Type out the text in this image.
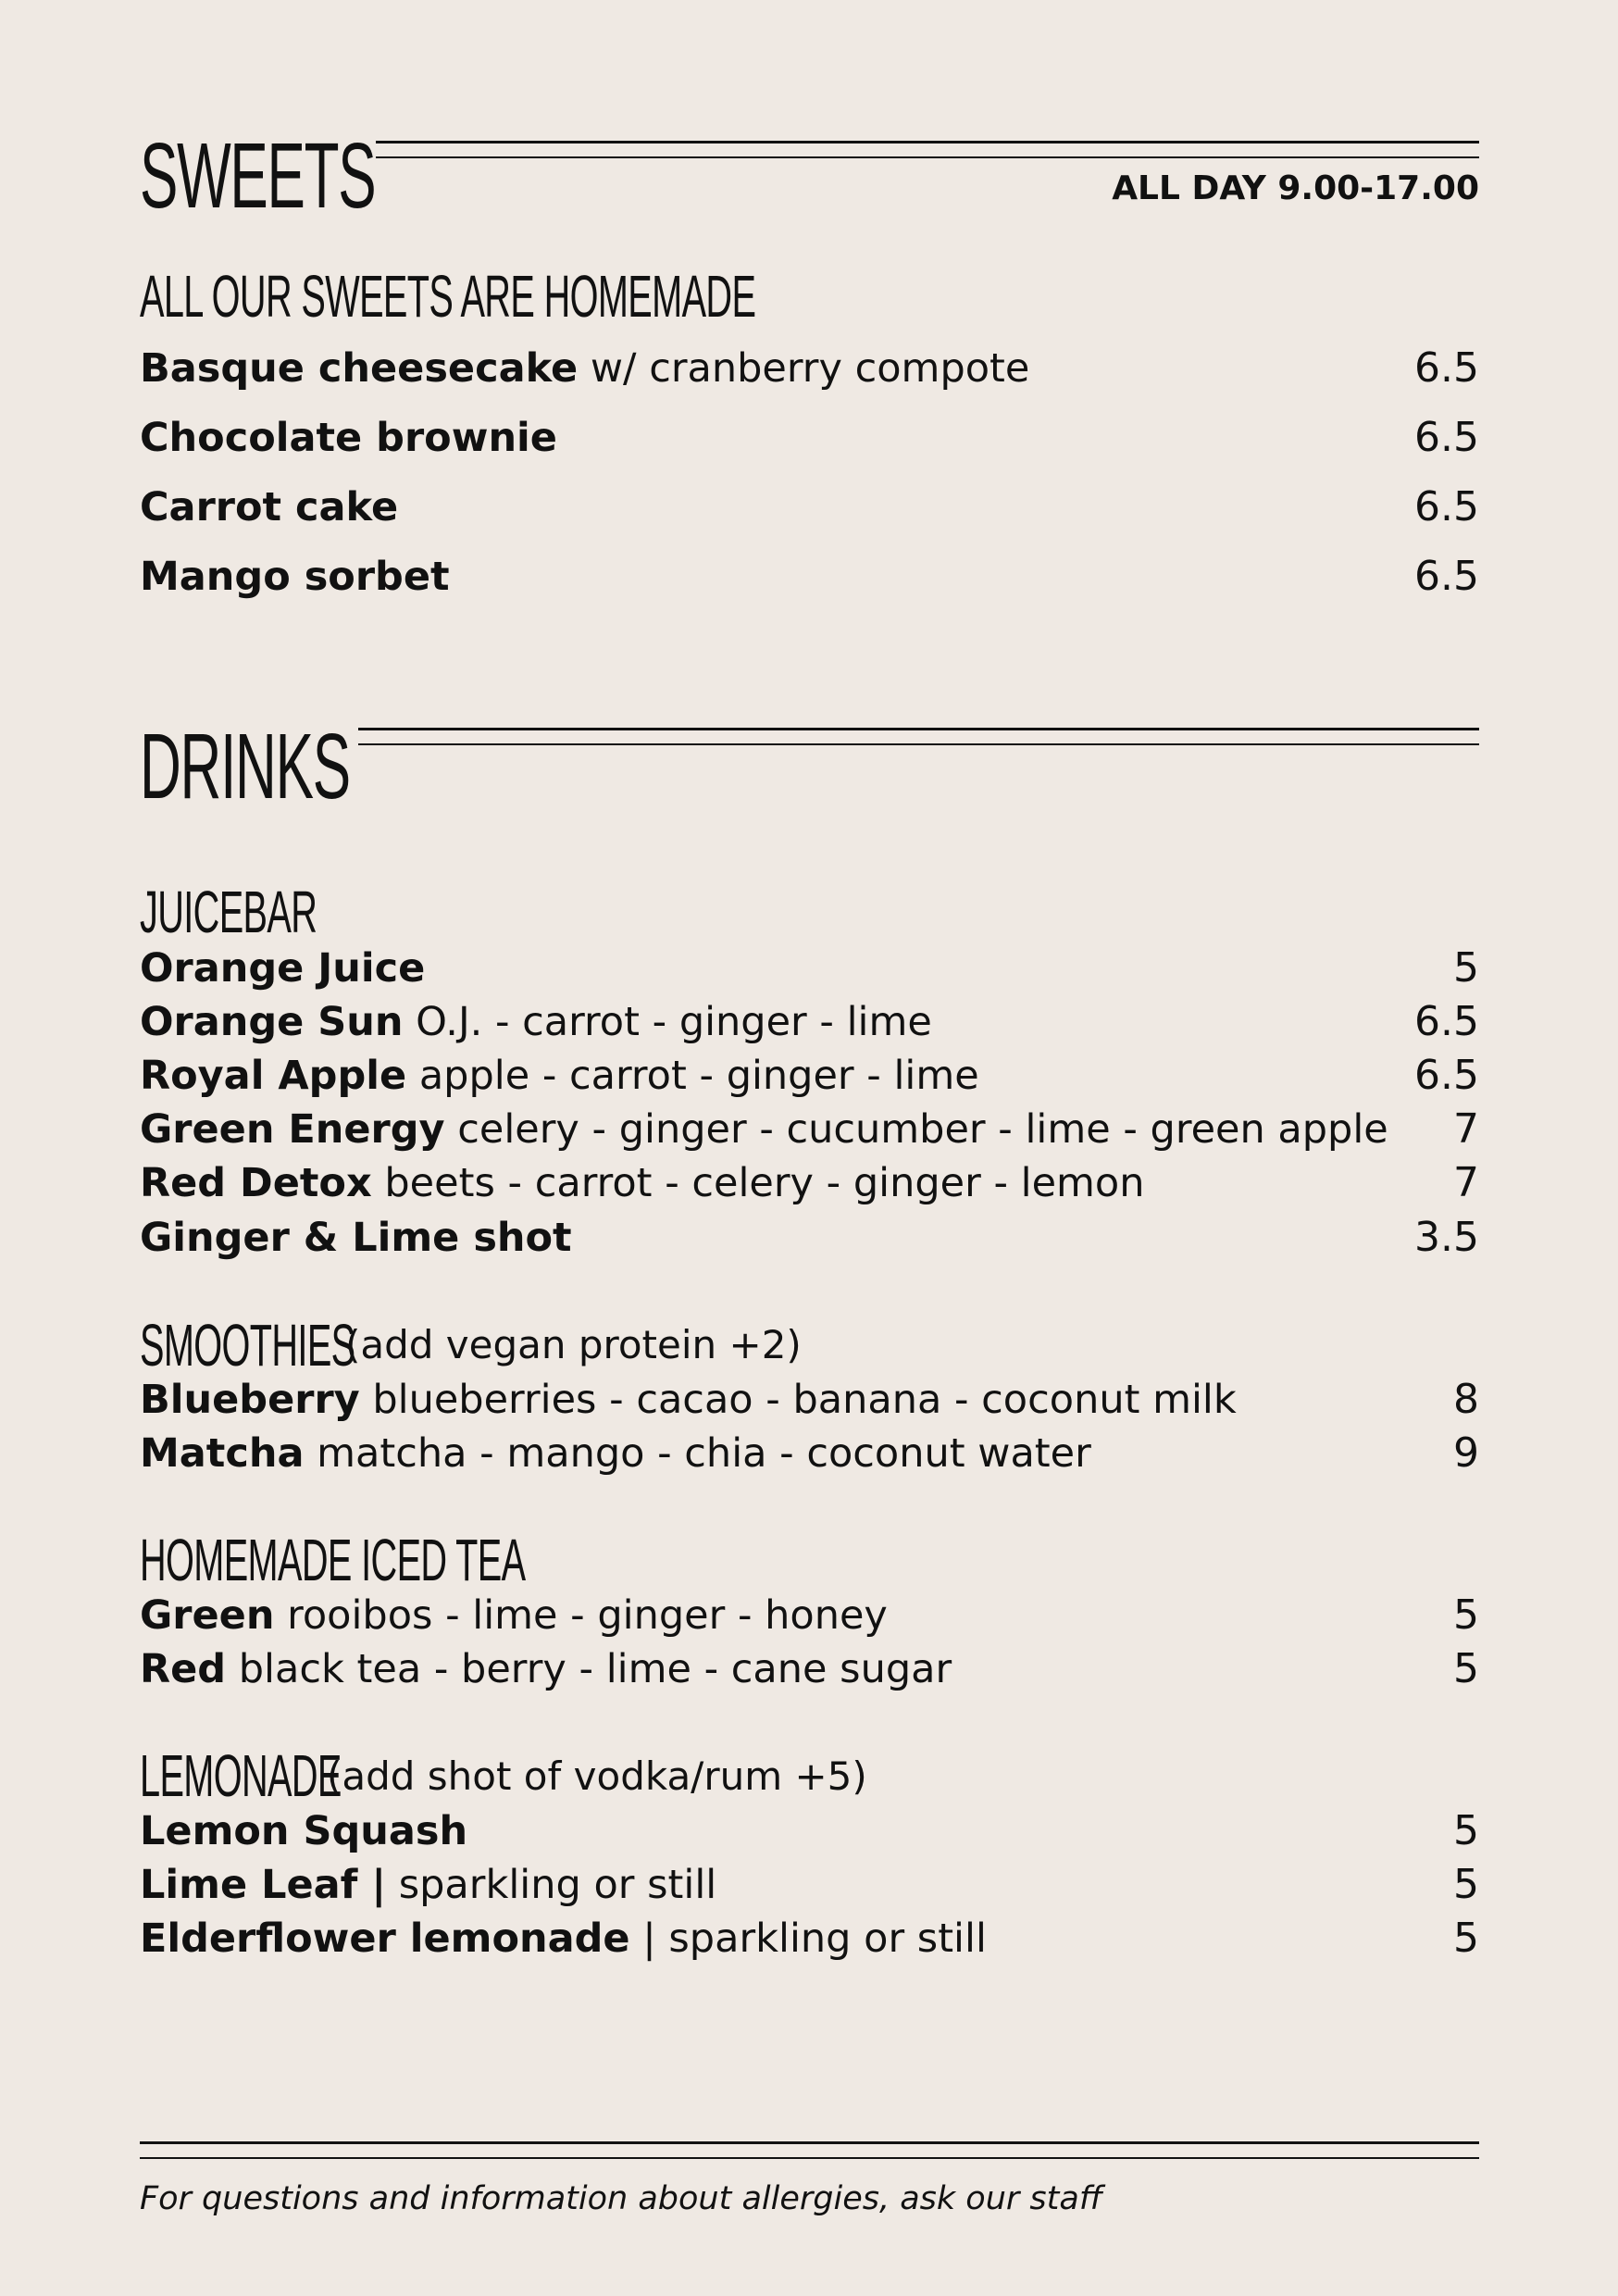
SWEETS	ALL DAY 9.00-17.00
ALL OUR SWEETS ARE HOMEMADE
Basque cheesecake w/ cranberry compote	6.5
Chocolate brownie	6.5
Carrot cake	6.5
Mango sorbet	6.5
DRINKS
JUICEBAR
Orange Juice	5
Orange Sun O.J. - carrot - ginger - lime	6.5
Royal Apple apple - carrot - ginger - lime	6.5
Green Energy celery - ginger - cucumber - lime - green apple 7
Red Detox beets - carrot - celery - ginger - lemon	7
Ginger & Lime shot	3.5
SMOOTHIES
(add vegan protein +2)
Blueberry blueberries - cacao - banana - coconut milk	8
Matcha matcha - mango - chia - coconut water	9
HOMEMADE ICED TEA
Green rooibos - lime - ginger - honey	5
Red black tea - berry - lime - cane sugar	5
LEMONADE
(add shot of vodka/rum +5)
Lemon Squash	5
Lime Leaf | sparkling or still	5
Elderflower lemonade | sparkling or still	5
For questions and information about allergies, ask our staff
